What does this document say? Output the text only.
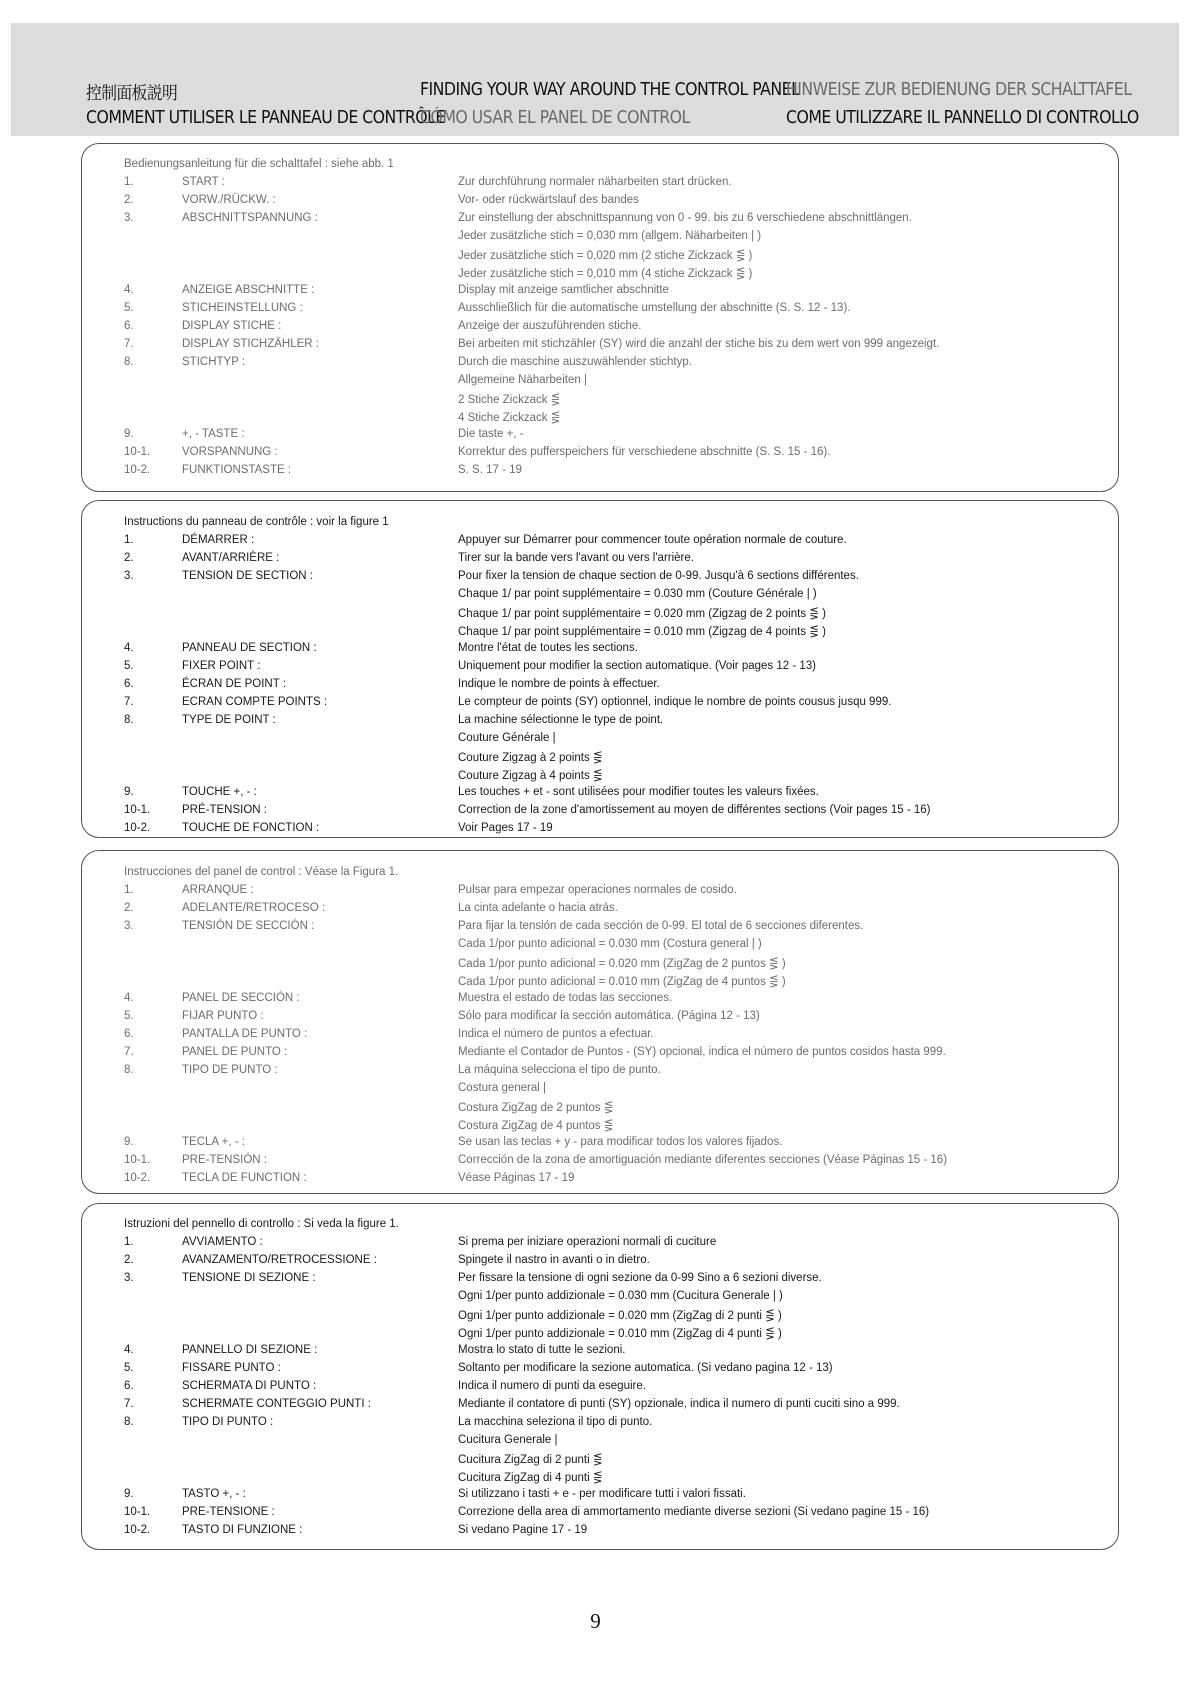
控制面板説明	FINDING YOUR WAY AROUND THE CONTROL PANEL
HINWEISE ZUR BEDIENUNG DER SCHALTTAFEL
COMMENT UTILISER LE PANNEAU DE CONTRÔLE
CÓMO USAR EL PANEL DE CONTROL	COME UTILIZZARE IL PANNELLO DI CONTROLLO
Bedienungsanleitung für die schalttafel : siehe abb. 1
1.	START :	Zur durchführung normaler näharbeiten start drücken.
2.	VORW./RÜCKW. :	Vor- oder rückwärtslauf des bandes
3.	ABSCHNITTSPANNUNG :	Zur einstellung der abschnittspannung von 0 - 99. bis zu 6 verschiedene abschnittlängen.
Jeder zusätzliche stich = 0,030 mm (allgem. Näharbeiten | )
Jeder zusätzliche stich = 0,020 mm (2 stiche Zickzack ⋚ )
Jeder zusätzliche stich = 0,010 mm (4 stiche Zickzack ⋚ )
4.	ANZEIGE ABSCHNITTE :	Display mit anzeige samtlicher abschnitte
5.	STICHEINSTELLUNG :	Ausschließlich für die automatische umstellung der abschnitte (S. S. 12 - 13).
6.	DISPLAY STICHE :	Anzeige der auszuführenden stiche.
7.	DISPLAY STICHZÄHLER :	Bei arbeiten mit stichzähler (SY) wird die anzahl der stiche bis zu dem wert von 999 angezeigt.
8.	STICHTYP :	Durch die maschine auszuwählender stichtyp.
Allgemeine Näharbeiten |
2 Stiche Zickzack ⋚
4 Stiche Zickzack ⋚
9.	+, - TASTE :	Die taste +, -
10-1.	VORSPANNUNG :	Korrektur des pufferspeichers für verschiedene abschnitte (S. S. 15 - 16).
10-2.	FUNKTIONSTASTE :	S. S. 17 - 19
Instructions du panneau de contrôle : voir la figure 1
1.	DÉMARRER :	Appuyer sur Démarrer pour commencer toute opération normale de couture.
2.	AVANT/ARRIÈRE :	Tirer sur la bande vers l'avant ou vers l'arrière.
3.	TENSION DE SECTION :	Pour fixer la tension de chaque section de 0-99. Jusqu'à 6 sections différentes.
Chaque 1/ par point supplémentaire = 0.030 mm (Couture Générale | )
Chaque 1/ par point supplémentaire = 0.020 mm (Zigzag de 2 points ⋚ )
Chaque 1/ par point supplémentaire = 0.010 mm (Zigzag de 4 points ⋚ )
4.	PANNEAU DE SECTION :	Montre l'état de toutes les sections.
5.	FIXER POINT :	Uniquement pour modifier la section automatique. (Voir pages 12 - 13)
6.	ÉCRAN DE POINT :	Indique le nombre de points à effectuer.
7.	ECRAN COMPTE POINTS :	Le compteur de points (SY) optionnel, indique le nombre de points cousus jusqu 999.
8.	TYPE DE POINT :	La machine sélectionne le type de point.
Couture Générale |
Couture Zigzag à 2 points ⋚
Couture Zigzag à 4 points ⋚
9.	TOUCHE +, - :	Les touches + et - sont utilisées pour modifier toutes les valeurs fixées.
10-1.	PRÉ-TENSION :	Correction de la zone d'amortissement au moyen de différentes sections (Voir pages 15 - 16)
10-2.	TOUCHE DE FONCTION :	Voir Pages 17 - 19
Instrucciones del panel de control : Véase la Figura 1.
1.	ARRANQUE :	Pulsar para empezar operaciones normales de cosido.
2.	ADELANTE/RETROCESO :	La cinta adelante o hacia atrás.
3.	TENSIÓN DE SECCIÓN :	Para fijar la tensión de cada sección de 0-99. El total de 6 secciones diferentes.
Cada 1/por punto adicional = 0.030 mm (Costura general | )
Cada 1/por punto adicional = 0.020 mm (ZigZag de 2 puntos ⋚ )
Cada 1/por punto adicional = 0.010 mm (ZigZag de 4 puntos ⋚ )
4.	PANEL DE SECCIÓN :	Muestra el estado de todas las secciones.
5.	FIJAR PUNTO :	Sólo para modificar la sección automática. (Página 12 - 13)
6.	PANTALLA DE PUNTO :	Indica el número de puntos a efectuar.
7.	PANEL DE PUNTO :	Mediante el Contador de Puntos - (SY) opcional, indica el número de puntos cosidos hasta 999.
8.	TIPO DE PUNTO :	La máquina selecciona el tipo de punto.
Costura general |
Costura ZigZag de 2 puntos ⋚
Costura ZigZag de 4 puntos ⋚
9.	TECLA +, - :	Se usan las teclas + y - para modificar todos los valores fijados.
10-1.	PRE-TENSIÓN :	Corrección de la zona de amortiguación mediante diferentes secciones (Véase Páginas 15 - 16)
10-2.	TECLA DE FUNCTION :	Véase Páginas 17 - 19
Istruzioni del pennello di controllo : Si veda la figure 1.
1.	AVVIAMENTO :	Si prema per iniziare operazioni normali di cuciture
2.	AVANZAMENTO/RETROCESSIONE :	Spingete il nastro in avanti o in dietro.
3.	TENSIONE DI SEZIONE :	Per fissare la tensione di ogni sezione da 0-99 Sino a 6 sezioni diverse.
Ogni 1/per punto addizionale = 0.030 mm (Cucitura Generale | )
Ogni 1/per punto addizionale = 0.020 mm (ZigZag di 2 punti ⋚ )
Ogni 1/per punto addizionale = 0.010 mm (ZigZag di 4 punti ⋚ )
4.	PANNELLO DI SEZIONE :	Mostra lo stato di tutte le sezioni.
5.	FISSARE PUNTO :	Soltanto per modificare la sezione automatica. (Si vedano pagina 12 - 13)
6.	SCHERMATA DI PUNTO :	Indica il numero di punti da eseguire.
7.	SCHERMATE CONTEGGIO PUNTI :	Mediante il contatore di punti (SY) opzionale, indica il numero di punti cuciti sino a 999.
8.	TIPO DI PUNTO :	La macchina seleziona il tipo di punto.
Cucitura Generale |
Cucitura ZigZag di 2 punti ⋚
Cucitura ZigZag di 4 punti ⋚
9.	TASTO +, - :	Si utilizzano i tasti + e - per modificare tutti i valori fissati.
10-1.	PRE-TENSIONE :	Correzione della area di ammortamento mediante diverse sezioni (Si vedano pagine 15 - 16)
10-2.	TASTO DI FUNZIONE :	Si vedano Pagine 17 - 19
9
